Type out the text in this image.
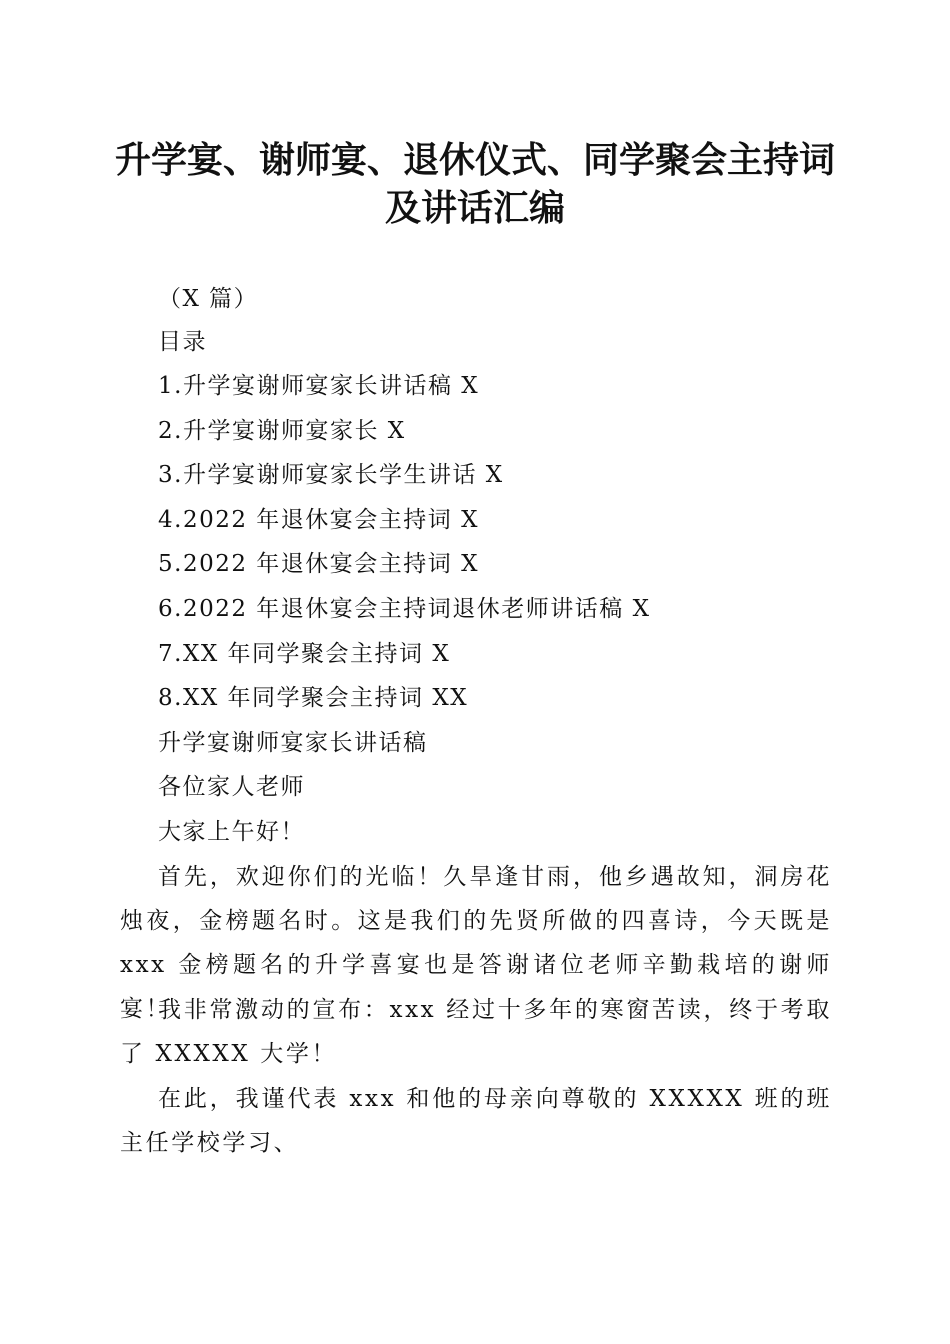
升学宴、谢师宴、退休仪式、同学聚会主持词
及讲话汇编
（X 篇）
目录
1.升学宴谢师宴家长讲话稿 X
2.升学宴谢师宴家长 X
3.升学宴谢师宴家长学生讲话 X
4.2022 年退休宴会主持词 X
5.2022 年退休宴会主持词 X
6.2022 年退休宴会主持词退休老师讲话稿 X
7.XX 年同学聚会主持词 X
8.XX 年同学聚会主持词 XX
升学宴谢师宴家长讲话稿
各位家人老师
大家上午好！

首先，欢迎你们的光临！久旱逢甘雨，他乡遇故知，洞房花烛夜，金榜题名时。这是我们的先贤所做的四喜诗，今天既是 xxx 金榜题名的升学喜宴也是答谢诸位老师辛勤栽培的谢师宴！

我非常激动的宣布：xxx 经过十多年的寒窗苦读，终于考取了 XXXXX 大学！

在此，我谨代表 xxx 和他的母亲向尊敬的 XXXXX 班的班主任学校学习、
